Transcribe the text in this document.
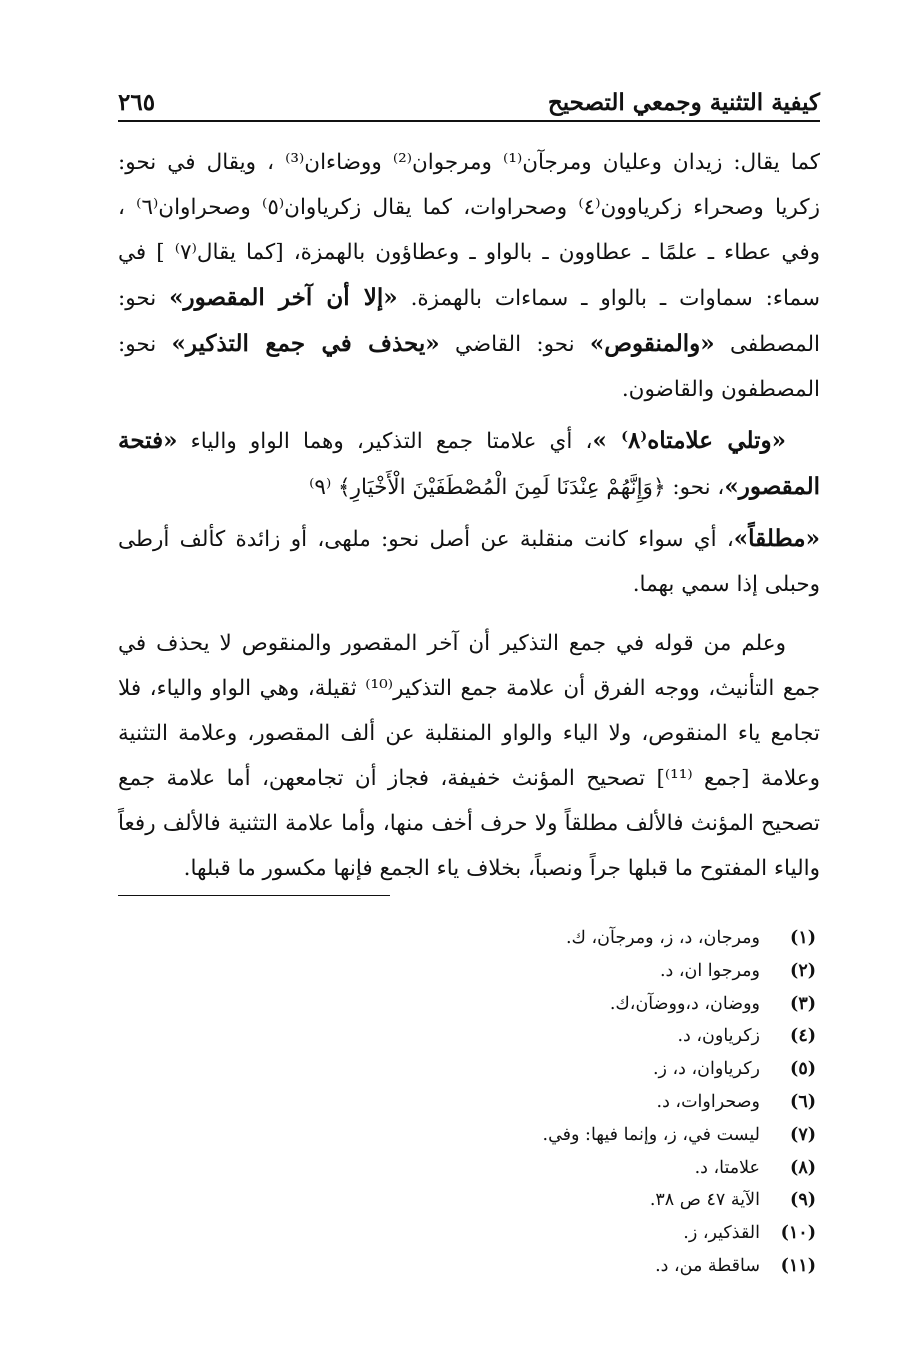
كيفية التثنية وجمعي التصحيح
٢٦٥

كما يقال: زيدان وعليان ومرجآن⁽¹⁾ ومرجوان⁽²⁾ ووضاءان⁽³⁾ ، ويقال في نحو: زكريا وصحراء زكرياوون⁽٤⁾ وصحراوات، كما يقال زكرياوان⁽٥⁾ وصحراوان⁽٦⁾ ، وفي عطاء ـ علمًا ـ عطاوون ـ بالواو ـ وعطاؤون بالهمزة، [كما يقال⁽٧⁾ ] في سماء: سماوات ـ بالواو ـ سماءات بالهمزة. «إلا أن آخر المقصور» نحو: المصطفى «والمنقوص» نحو: القاضي «يحذف في جمع التذكير» نحو: المصطفون والقاضون.

«وتلي علامتاه⁽٨⁾ »، أي علامتا جمع التذكير، وهما الواو والياء «فتحة المقصور»، نحو: ﴿وَإِنَّهُمْ عِنْدَنَا لَمِنَ الْمُصْطَفَيْنَ الْأَخْيَارِ﴾ ⁽٩⁾

«مطلقاً»، أي سواء كانت منقلبة عن أصل نحو: ملهى، أو زائدة كألف أرطى وحبلى إذا سمي بهما.

وعلم من قوله في جمع التذكير أن آخر المقصور والمنقوص لا يحذف في جمع التأنيث، ووجه الفرق أن علامة جمع التذكير⁽¹⁰⁾ ثقيلة، وهي الواو والياء، فلا تجامع ياء المنقوص، ولا الياء والواو المنقلبة عن ألف المقصور، وعلامة التثنية وعلامة [جمع ⁽¹¹⁾] تصحيح المؤنث خفيفة، فجاز أن تجامعهن، أما علامة جمع تصحيح المؤنث فالألف مطلقاً ولا حرف أخف منها، وأما علامة التثنية فالألف رفعاً والياء المفتوح ما قبلها جراً ونصباً، بخلاف ياء الجمع فإنها مكسور ما قبلها.

(١)
ومرجان، د، ز، ومرجآن، ك.
(٢)
ومرجوا ان، د.
(٣)
ووضان، د،ووضآن،ك.
(٤)
زكرياون، د.
(٥)
ركرياوان، د، ز.
(٦)
وصحراوات، د.
(٧)
ليست في، ز، وإنما فيها: وفي.
(٨)
علامتا، د.
(٩)
الآية ٤٧ ص ٣٨.
(١٠)
القذكير، ز.
(١١)
ساقطة من، د.
